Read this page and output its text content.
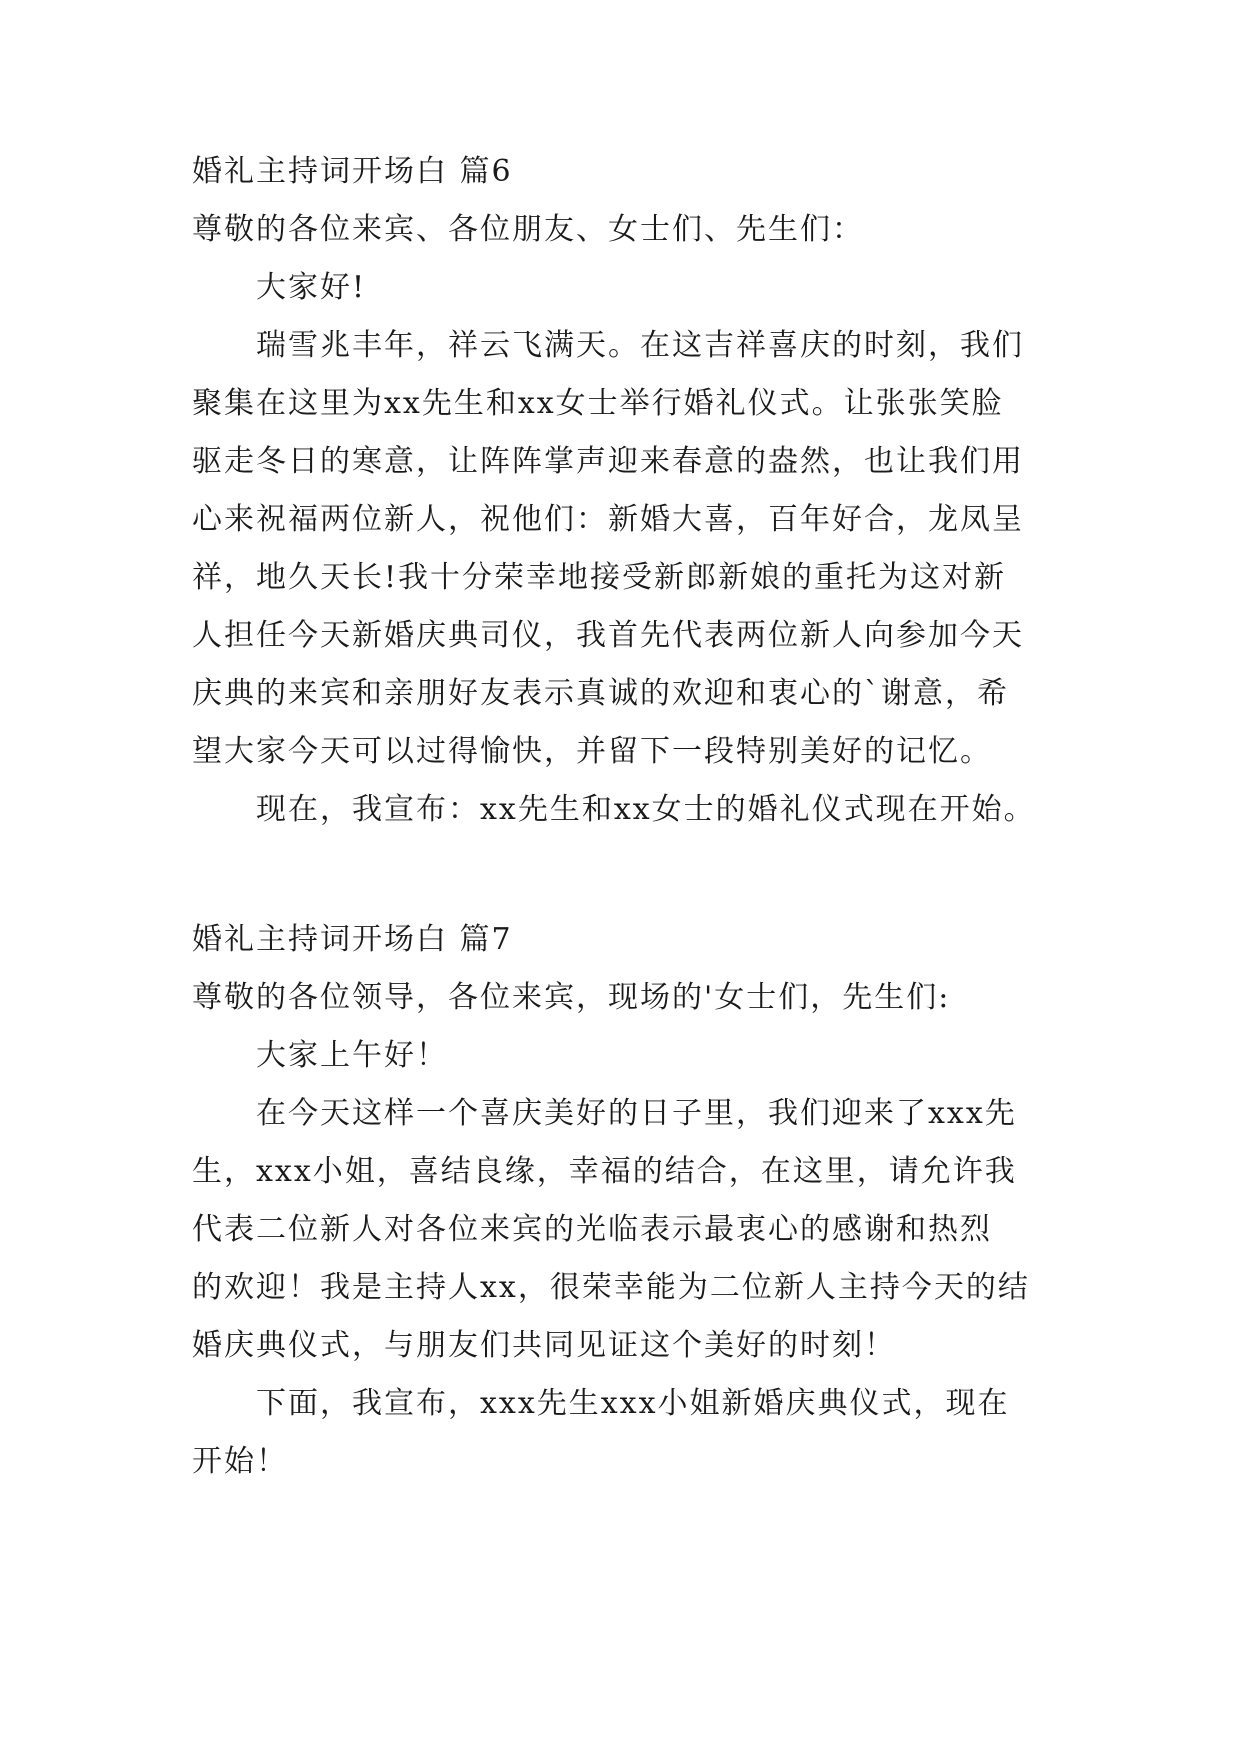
婚礼主持词开场白 篇6
尊敬的各位来宾、各位朋友、女士们、先生们：
大家好!
瑞雪兆丰年，祥云飞满天。在这吉祥喜庆的时刻，我们
聚集在这里为xx先生和xx女士举行婚礼仪式。让张张笑脸
驱走冬日的寒意，让阵阵掌声迎来春意的盎然，也让我们用
心来祝福两位新人，祝他们：新婚大喜，百年好合，龙凤呈
祥，地久天长!我十分荣幸地接受新郎新娘的重托为这对新
人担任今天新婚庆典司仪，我首先代表两位新人向参加今天
庆典的来宾和亲朋好友表示真诚的欢迎和衷心的`谢意，希
望大家今天可以过得愉快，并留下一段特别美好的记忆。
现在，我宣布：xx先生和xx女士的婚礼仪式现在开始。
婚礼主持词开场白 篇7
尊敬的各位领导，各位来宾，现场的'女士们，先生们:
大家上午好！
在今天这样一个喜庆美好的日子里，我们迎来了xxx先
生，xxx小姐，喜结良缘，幸福的结合，在这里，请允许我
代表二位新人对各位来宾的光临表示最衷心的感谢和热烈
的欢迎！我是主持人xx，很荣幸能为二位新人主持今天的结
婚庆典仪式，与朋友们共同见证这个美好的时刻！
下面，我宣布，xxx先生xxx小姐新婚庆典仪式，现在
开始！
